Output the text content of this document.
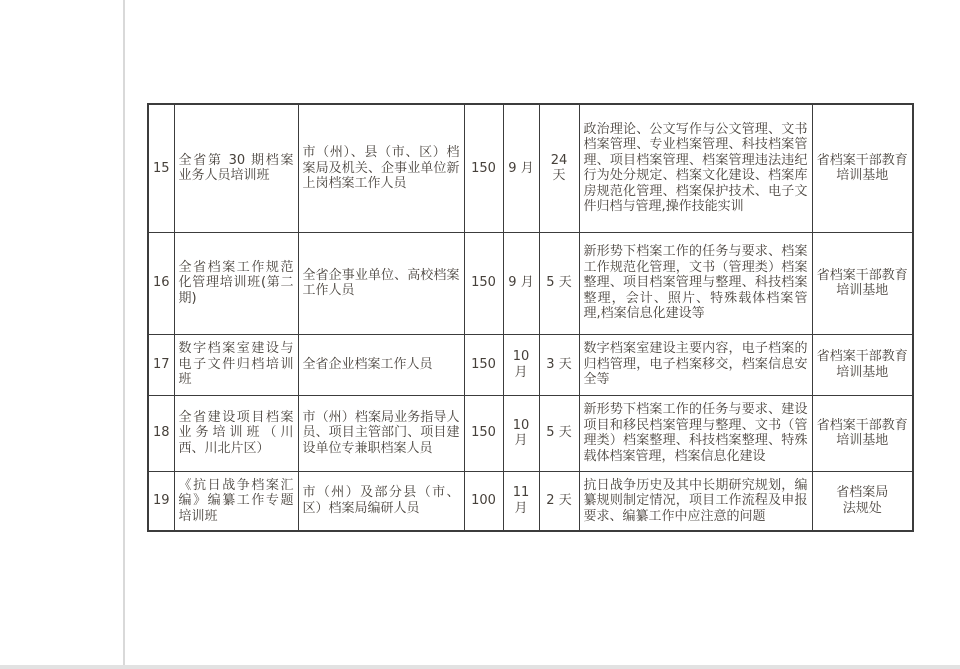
15	全省第 30 期档案业务人员培训班	市（州）、县（市、区）档案局及机关、企事业单位新上岗档案工作人员	150	9 月	24 天	政治理论、公文写作与公文管理、文书档案管理、专业档案管理、科技档案管理、项目档案管理、档案管理违法违纪行为处分规定、档案文化建设、档案库房规范化管理、档案保护技术、电子文件归档与管理,操作技能实训	省档案干部教育
培训基地

16	全省档案工作规范化管理培训班(第二期)	全省企事业单位、高校档案工作人员	150	9 月	5 天	新形势下档案工作的任务与要求、档案工作规范化管理，文书（管理类）档案整理、项目档案管理与整理、科技档案整理，会计、照片、特殊载体档案管理,档案信息化建设等	省档案干部教育
培训基地

17	数字档案室建设与电子文件归档培训班	全省企业档案工作人员	150	10月	3 天	数字档案室建设主要内容，电子档案的归档管理，电子档案移交，档案信息安全等	省档案干部教育
培训基地

18	全省建设项目档案业务培训班（川西、川北片区）	市（州）档案局业务指导人员、项目主管部门、项目建设单位专兼职档案人员	150	10月	5 天	新形势下档案工作的任务与要求、建设项目和移民档案管理与整理、文书（管理类）档案整理、科技档案整理、特殊载体档案管理，档案信息化建设	省档案干部教育
培训基地

19	《抗日战争档案汇编》编纂工作专题培训班	市（州）及部分县（市、区）档案局编研人员	100	11月	2 天	抗日战争历史及其中长期研究规划，编纂规则制定情况，项目工作流程及申报要求、编纂工作中应注意的问题	省档案局
法规处
